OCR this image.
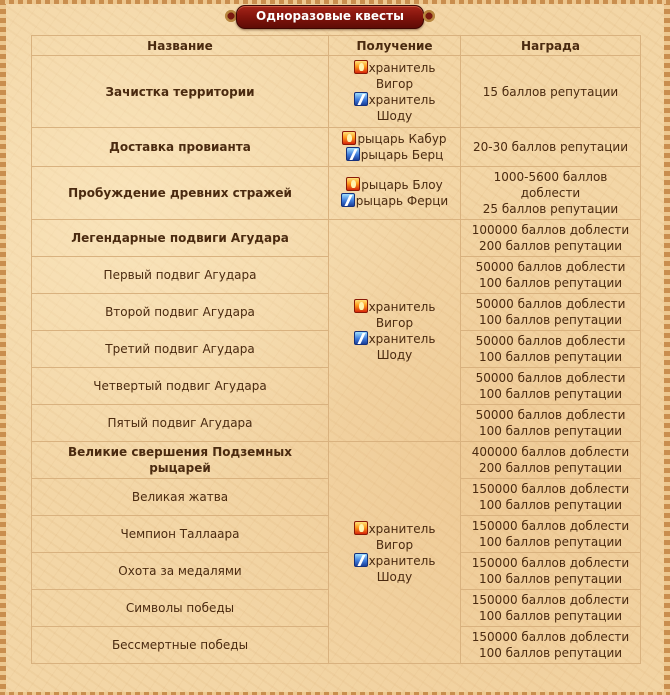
Одноразовые квесты
Название	Получение	Награда
Зачистка территории	хранитель
Вигор
хранитель
Шоду	15 баллов репутации

Доставка провианта	рыцарь Кабур
рыцарь Берц	20-30 баллов репутации

Пробуждение древних стражей	рыцарь Блоу
рыцарь Ферци	1000-5600 баллов
доблести
25 баллов репутации

Легендарные подвиги Агудара	хранитель
Вигор
хранитель
Шоду	100000 баллов доблести
200 баллов репутации

Первый подвиг Агудара		50000 баллов доблести
100 баллов репутации

Второй подвиг Агудара		50000 баллов доблести
100 баллов репутации

Третий подвиг Агудара		50000 баллов доблести
100 баллов репутации

Четвертый подвиг Агудара		50000 баллов доблести
100 баллов репутации

Пятый подвиг Агудара		50000 баллов доблести
100 баллов репутации

Великие свершения Подземных рыцарей	хранитель
Вигор
хранитель
Шоду	400000 баллов доблести
200 баллов репутации

Великая жатва		150000 баллов доблести
100 баллов репутации

Чемпион Таллаара		150000 баллов доблести
100 баллов репутации

Охота за медалями		150000 баллов доблести
100 баллов репутации

Символы победы		150000 баллов доблести
100 баллов репутации

Бессмертные победы		150000 баллов доблести
100 баллов репутации
